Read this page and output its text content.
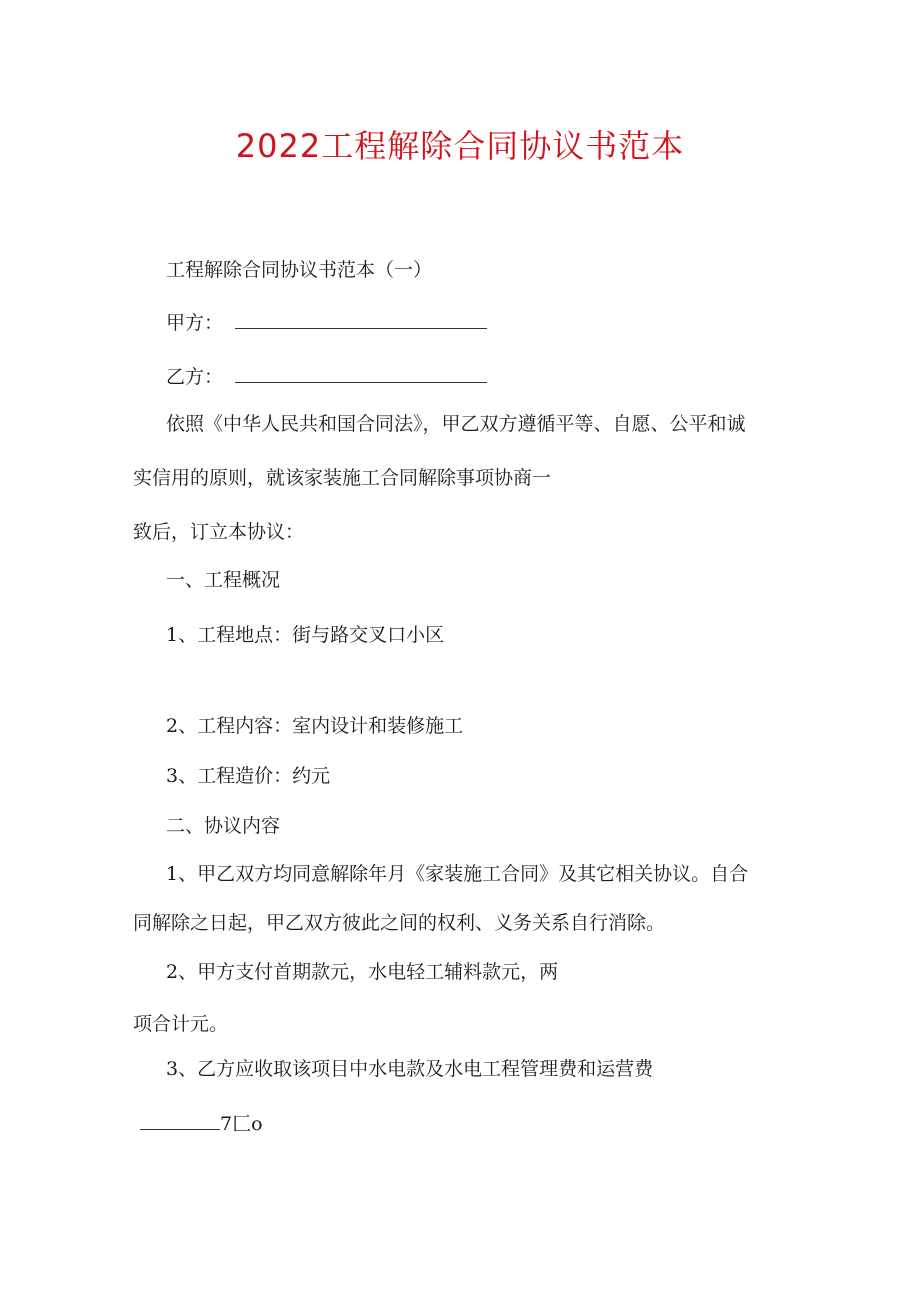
2022工程解除合同协议书范本
工程解除合同协议书范本（一）
甲方：
乙方：
依照《中华人民共和国合同法》，甲乙双方遵循平等、自愿、公平和诚
实信用的原则，就该家装施工合同解除事项协商一
致后，订立本协议：
一、工程概况
1、工程地点：街与路交叉口小区
2、工程内容：室内设计和装修施工
3、工程造价：约元
二、协议内容
1、甲乙双方均同意解除年月《家装施工合同》及其它相关协议。自合
同解除之日起，甲乙双方彼此之间的权利、义务关系自行消除。
2、甲方支付首期款元，水电轻工辅料款元，两
项合计元。
3、乙方应收取该项目中水电款及水电工程管理费和运营费
7匚o
